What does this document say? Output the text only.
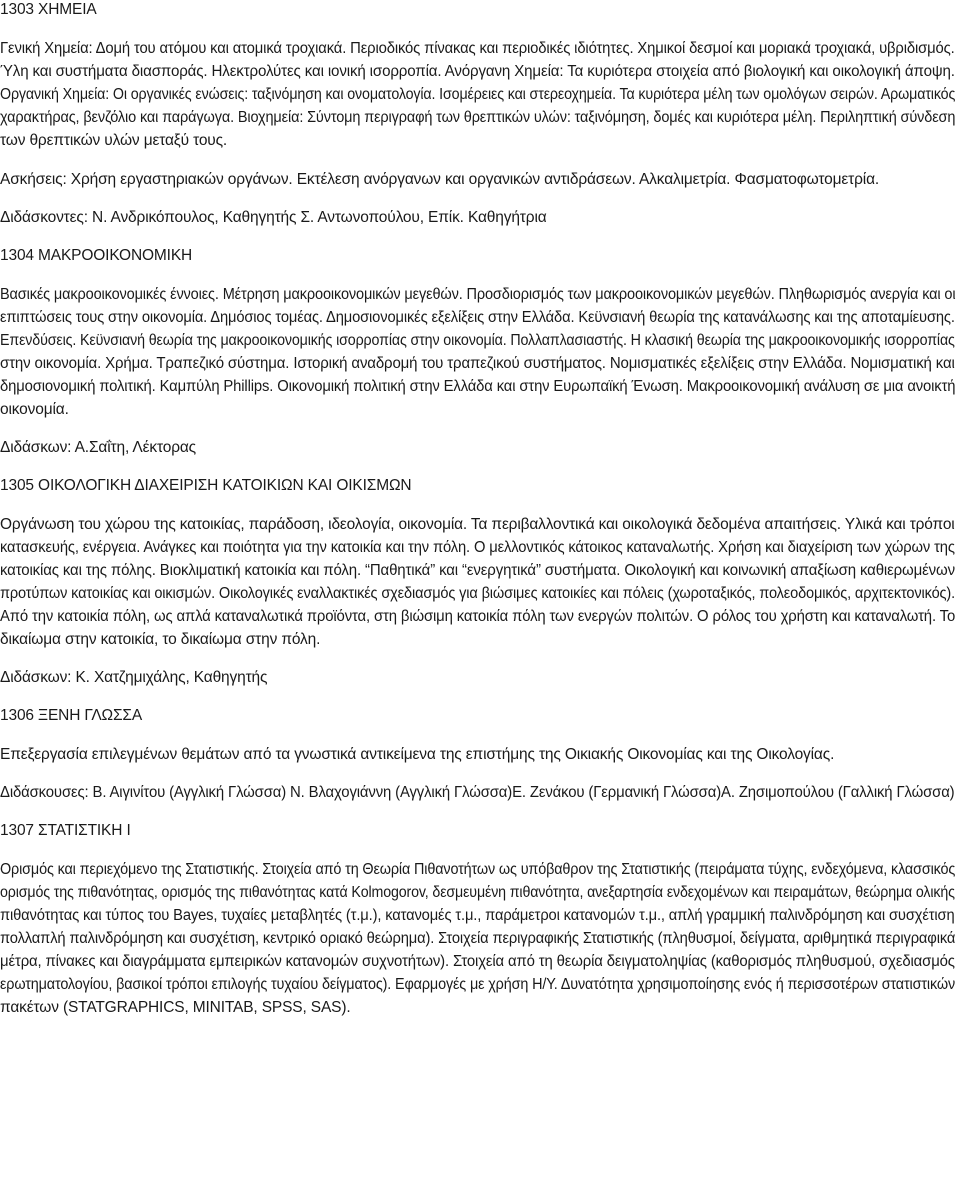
1303 ΧΗΜΕΙΑ
Γενική Χημεία: Δομή του ατόμου και ατομικά τροχιακά. Περιοδικός πίνακας και περιοδικές ιδιότητες. Χημικοί δεσμοί και μοριακά τροχιακά, υβριδισμός.
Ύλη και συστήματα διασποράς. Ηλεκτρολύτες και ιονική ισορροπία. Ανόργανη Χημεία: Τα κυριότερα στοιχεία από βιολογική και οικολογική άποψη.
Οργανική Χημεία: Οι οργανικές ενώσεις: ταξινόμηση και ονοματολογία. Ισομέρειες και στερεοχημεία. Τα κυριότερα μέλη των ομολόγων σειρών. Αρωματικός
χαρακτήρας, βενζόλιο και παράγωγα. Βιοχημεία: Σύντομη περιγραφή των θρεπτικών υλών: ταξινόμηση, δομές και κυριότερα μέλη. Περιληπτική σύνδεση
των θρεπτικών υλών μεταξύ τους.
Ασκήσεις: Χρήση εργαστηριακών οργάνων. Εκτέλεση ανόργανων και οργανικών αντιδράσεων. Αλκαλιμετρία. Φασματοφωτομετρία.
Διδάσκοντες: Ν. Ανδρικόπουλος, Καθηγητής Σ. Αντωνοπούλου, Επίκ. Καθηγήτρια
1304 ΜΑΚΡΟΟΙΚΟΝΟΜΙΚΗ
Βασικές μακροοικονομικές έννοιες. Μέτρηση μακροοικονομικών μεγεθών. Προσδιορισμός των μακροοικονομικών μεγεθών. Πληθωρισμός ανεργία και οι
επιπτώσεις τους στην οικονομία. Δημόσιος τομέας. Δημοσιονομικές εξελίξεις στην Ελλάδα. Κεϋνσιανή θεωρία της κατανάλωσης και της αποταμίευσης.
Επενδύσεις. Κεϋνσιανή θεωρία της μακροοικονομικής ισορροπίας στην οικονομία. Πολλαπλασιαστής. Η κλασική θεωρία της μακροοικονομικής ισορροπίας
στην οικονομία. Χρήμα. Τραπεζικό σύστημα. Ιστορική αναδρομή του τραπεζικού συστήματος. Νομισματικές εξελίξεις στην Ελλάδα. Νομισματική και
δημοσιονομική πολιτική. Καμπύλη Phillips. Οικονομική πολιτική στην Ελλάδα και στην Ευρωπαϊκή Ένωση. Μακροοικονομική ανάλυση σε μια ανοικτή
οικονομία.
Διδάσκων: Α.Σαΐτη, Λέκτορας
1305 ΟΙΚΟΛΟΓΙΚΗ ΔΙΑΧΕΙΡΙΣΗ ΚΑΤΟΙΚΙΩΝ ΚΑΙ ΟΙΚΙΣΜΩΝ
Οργάνωση του χώρου της κατοικίας, παράδοση, ιδεολογία, οικονομία. Τα περιβαλλοντικά και οικολογικά δεδομένα απαιτήσεις. Υλικά και τρόποι
κατασκευής, ενέργεια. Ανάγκες και ποιότητα για την κατοικία και την πόλη. Ο μελλοντικός κάτοικος καταναλωτής. Χρήση και διαχείριση των χώρων της
κατοικίας και της πόλης. Βιοκλιματική κατοικία και πόλη. “Παθητικά” και “ενεργητικά” συστήματα. Οικολογική και κοινωνική απαξίωση καθιερωμένων
προτύπων κατοικίας και οικισμών. Οικολογικές εναλλακτικές σχεδιασμός για βιώσιμες κατοικίες και πόλεις (χωροταξικός, πολεοδομικός, αρχιτεκτονικός).
Από την κατοικία πόλη, ως απλά καταναλωτικά προϊόντα, στη βιώσιμη κατοικία πόλη των ενεργών πολιτών. Ο ρόλος του χρήστη και καταναλωτή. Το
δικαίωμα στην κατοικία, το δικαίωμα στην πόλη.
Διδάσκων: Κ. Χατζημιχάλης, Καθηγητής
1306 ΞΕΝΗ ΓΛΩΣΣΑ
Επεξεργασία επιλεγμένων θεμάτων από τα γνωστικά αντικείμενα της επιστήμης της Οικιακής Οικονομίας και της Οικολογίας.
Διδάσκουσες: Β. Αιγινίτου (Αγγλική Γλώσσα) Ν. Βλαχογιάννη (Αγγλική Γλώσσα)Ε. Ζενάκου (Γερμανική Γλώσσα)Α. Ζησιμοπούλου (Γαλλική Γλώσσα)
1307 ΣΤΑΤΙΣΤΙΚΗ Ι
Ορισμός και περιεχόμενο της Στατιστικής. Στοιχεία από τη Θεωρία Πιθανοτήτων ως υπόβαθρον της Στατιστικής (πειράματα τύχης, ενδεχόμενα, κλασσικός
ορισμός της πιθανότητας, ορισμός της πιθανότητας κατά Kolmogorov, δεσμευμένη πιθανότητα, ανεξαρτησία ενδεχομένων και πειραμάτων, θεώρημα ολικής
πιθανότητας και τύπος του Bayes, τυχαίες μεταβλητές (τ.μ.), κατανομές τ.μ., παράμετροι κατανομών τ.μ., απλή γραμμική παλινδρόμηση και συσχέτιση
πολλαπλή παλινδρόμηση και συσχέτιση, κεντρικό οριακό θεώρημα). Στοιχεία περιγραφικής Στατιστικής (πληθυσμοί, δείγματα, αριθμητικά περιγραφικά
μέτρα, πίνακες και διαγράμματα εμπειρικών κατανομών συχνοτήτων). Στοιχεία από τη θεωρία δειγματοληψίας (καθορισμός πληθυσμού, σχεδιασμός
ερωτηματολογίου, βασικοί τρόποι επιλογής τυχαίου δείγματος). Εφαρμογές με χρήση Η/Υ. Δυνατότητα χρησιμοποίησης ενός ή περισσοτέρων στατιστικών
πακέτων (STATGRAPHICS, MINITAB, SPSS, SAS).
